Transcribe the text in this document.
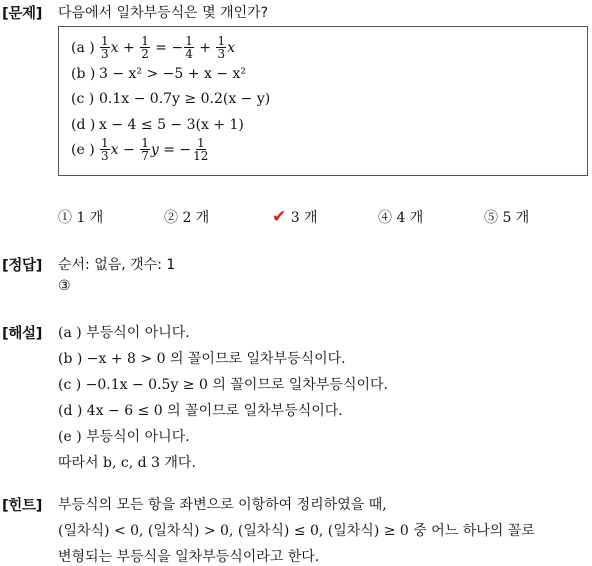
[문제] 다음에서 일차부등식은 몇 개인가?
(a ) $\frac{1}{3}$ $x + \frac{1}{2}$ = − $\frac{1}{4} + \frac{1}{3}$ x
(b ) 3 − x² > −5 + x − x²
(c ) 0.1x − 0.7y ≥ 0.2(x − y)
(d ) x − 4 ≤ 5 − 3(x + 1)
(e ) $\frac{1}{3}$ $x - \frac{1}{7}$ y = − $\frac{1}{12}$
① 1 개	② 2 개	✔ 3 개	④ 4 개	⑤ 5 개
[정답] 순서: 없음, 갯수: 1
③
[해설] (a ) 부등식이 아니다.
(b ) −x + 8 > 0 의 꼴이므로 일차부등식이다.
(c ) −0.1x − 0.5y ≥ 0 의 꼴이므로 일차부등식이다.
(d ) 4x − 6 ≤ 0 의 꼴이므로 일차부등식이다.
(e ) 부등식이 아니다.
따라서 b, c, d 3 개다.
[힌트] 부등식의 모든 항을 좌변으로 이항하여 정리하였을 때,
(일차식) < 0, (일차식) > 0, (일차식) ≤ 0, (일차식) ≥ 0 중 어느 하나의 꼴로
변형되는 부등식을 일차부등식이라고 한다.
